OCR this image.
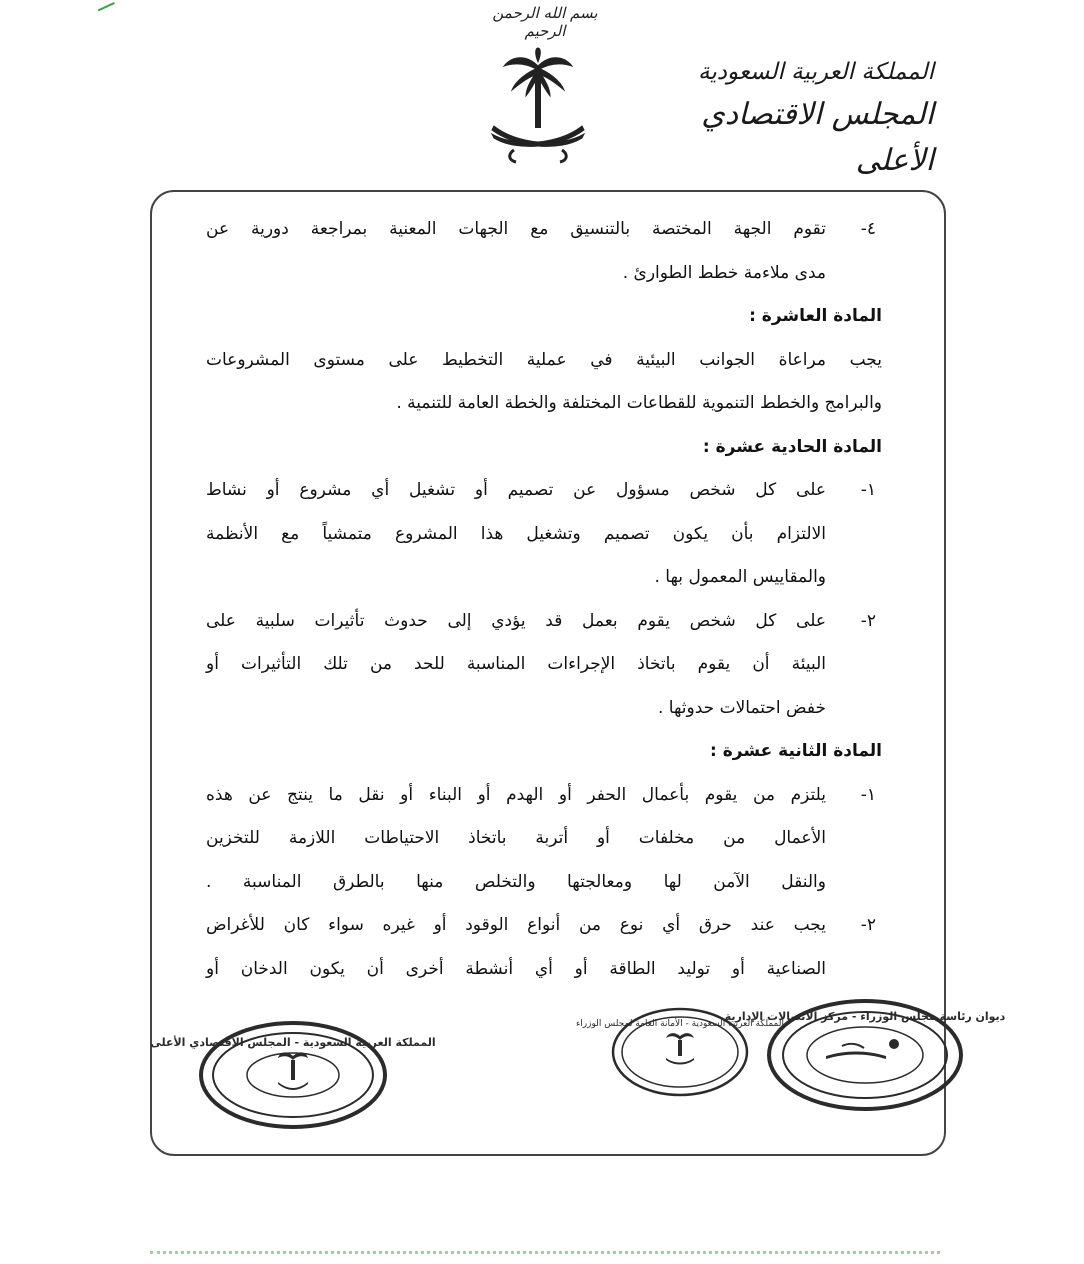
بسم الله الرحمن الرحيم
المملكة العربية السعودية
المجلس الاقتصادي الأعلى
٤-
تقوم الجهة المختصة بالتنسيق مع الجهات المعنية بمراجعة دورية عن
مدى ملاءمة خطط الطوارئ .
المادة العاشرة :
يجب مراعاة الجوانب البيئية في عملية التخطيط على مستوى المشروعات
والبرامج والخطط التنموية للقطاعات المختلفة والخطة العامة للتنمية .
المادة الحادية عشرة :
١-
على كل شخص مسؤول عن تصميم أو تشغيل أي مشروع أو نشاط
الالتزام بأن يكون تصميم وتشغيل هذا المشروع متمشياً مع الأنظمة
والمقاييس المعمول بها .
٢-
على كل شخص يقوم بعمل قد يؤدي إلى حدوث تأثيرات سلبية على
البيئة أن يقوم باتخاذ الإجراءات المناسبة للحد من تلك التأثيرات أو
خفض احتمالات حدوثها .
المادة الثانية عشرة :
١-
يلتزم من يقوم بأعمال الحفر أو الهدم أو البناء أو نقل ما ينتج عن هذه
الأعمال من مخلفات أو أتربة باتخاذ الاحتياطات اللازمة للتخزين
والنقل الآمن لها ومعالجتها والتخلص منها بالطرق المناسبة .
٢-
يجب عند حرق أي نوع من أنواع الوقود أو غيره سواء كان للأغراض
الصناعية أو توليد الطاقة أو أي أنشطة أخرى أن يكون الدخان أو
المملكة العربية السعودية - المجلس الاقتصادي الأعلى
المملكة العربية السعودية - الأمانة العامة لمجلس الوزراء
ديوان رئاسة مجلس الوزراء - مركز الاتصالات الإدارية
